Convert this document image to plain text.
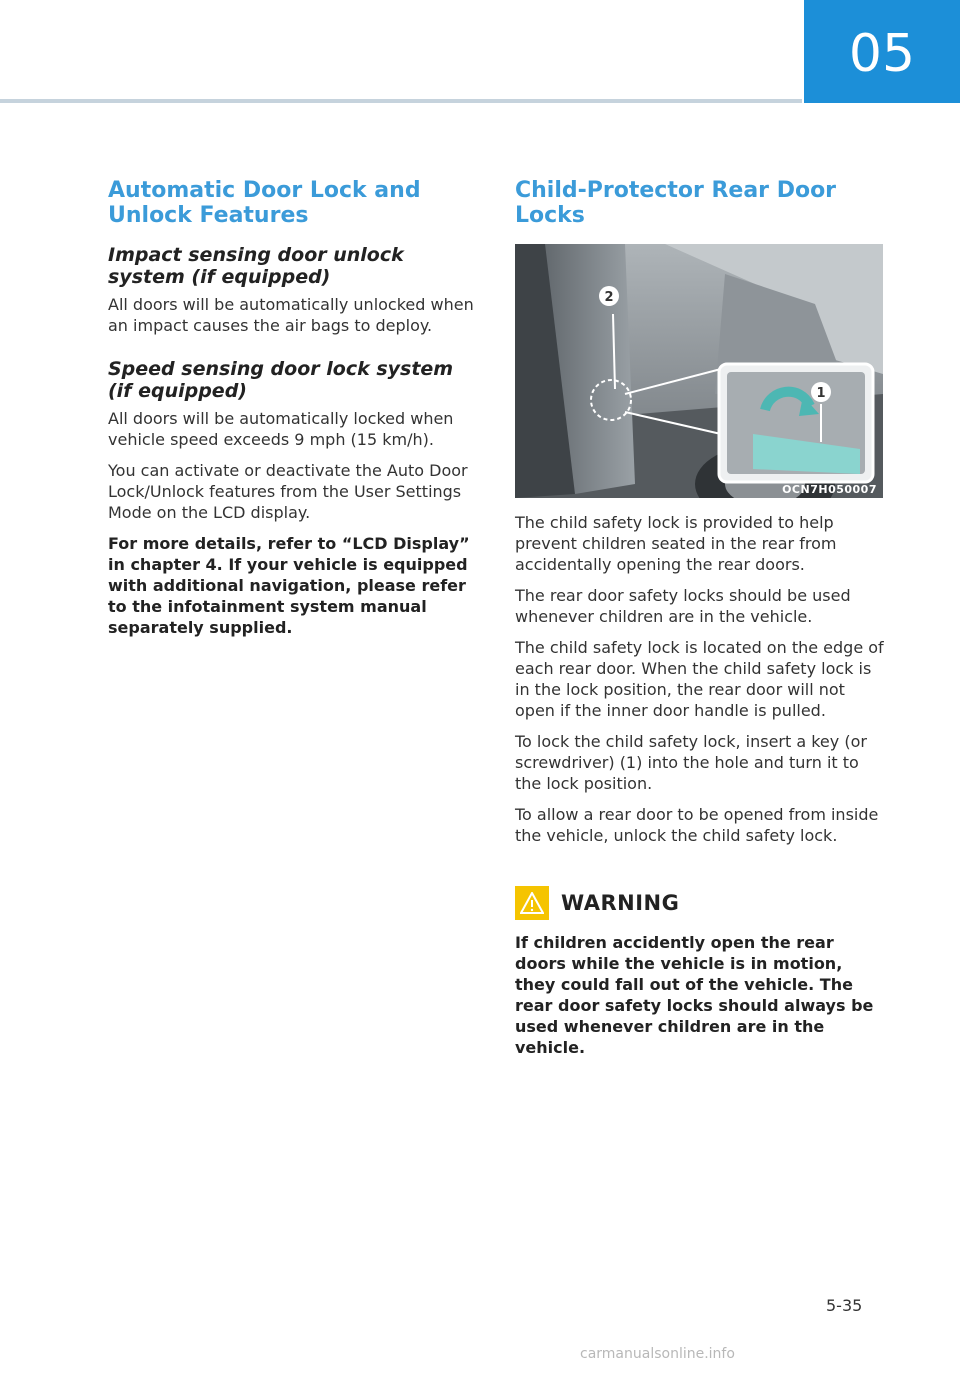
05
Automatic Door Lock and Unlock Features
Impact sensing door unlock system (if equipped)

All doors will be automatically unlocked when an impact causes the air bags to deploy.

Speed sensing door lock system (if equipped)

All doors will be automatically locked when vehicle speed exceeds 9 mph (15 km/h).

You can activate or deactivate the Auto Door Lock/Unlock features from the User Settings Mode on the LCD display.

For more details, refer to “LCD Display” in chapter 4. If your vehicle is equipped with additional navigation, please refer to the infotainment system manual separately supplied.

Child-Protector Rear Door Locks
2
1
OCN7H050007

The child safety lock is provided to help prevent children seated in the rear from accidentally opening the rear doors.

The rear door safety locks should be used whenever children are in the vehicle.

The child safety lock is located on the edge of each rear door. When the child safety lock is in the lock position, the rear door will not open if the inner door handle is pulled.

To lock the child safety lock, insert a key (or screwdriver) (1) into the hole and turn it to the lock position.

To allow a rear door to be opened from inside the vehicle, unlock the child safety lock.

WARNING

If children accidently open the rear doors while the vehicle is in motion, they could fall out of the vehicle. The rear door safety locks should always be used whenever children are in the vehicle.

5-35
carmanualsonline.info
